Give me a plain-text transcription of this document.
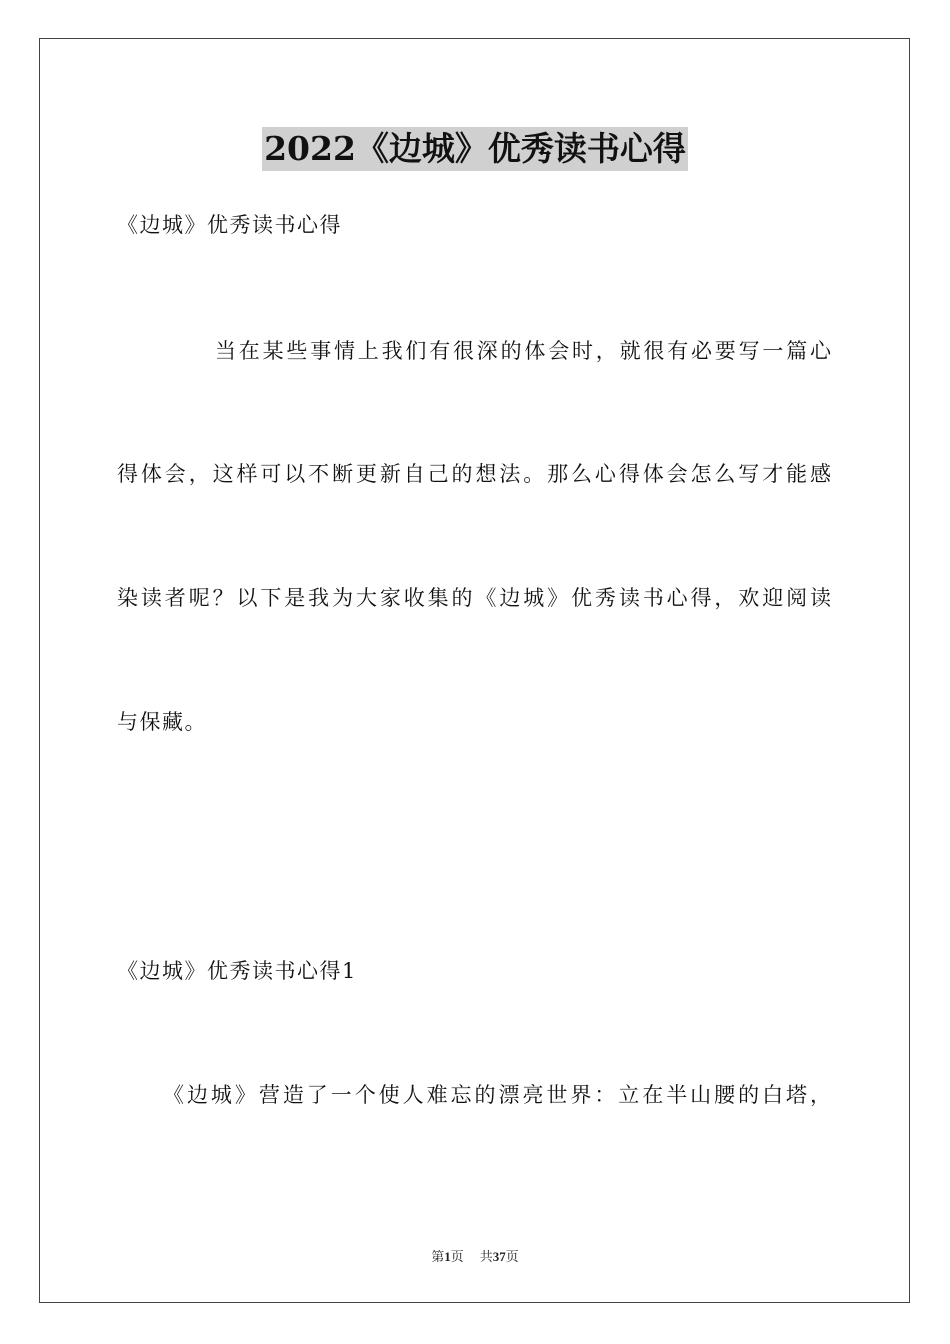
2022《边城》优秀读书心得
《边城》优秀读书心得
当在某些事情上我们有很深的体会时，就很有必要写一篇心
得体会，这样可以不断更新自己的想法。那么心得体会怎么写才能感
染读者呢？以下是我为大家收集的《边城》优秀读书心得，欢迎阅读
与保藏。
《边城》优秀读书心得1
《边城》营造了一个使人难忘的漂亮世界：立在半山腰的白塔，
第1页 共37页
